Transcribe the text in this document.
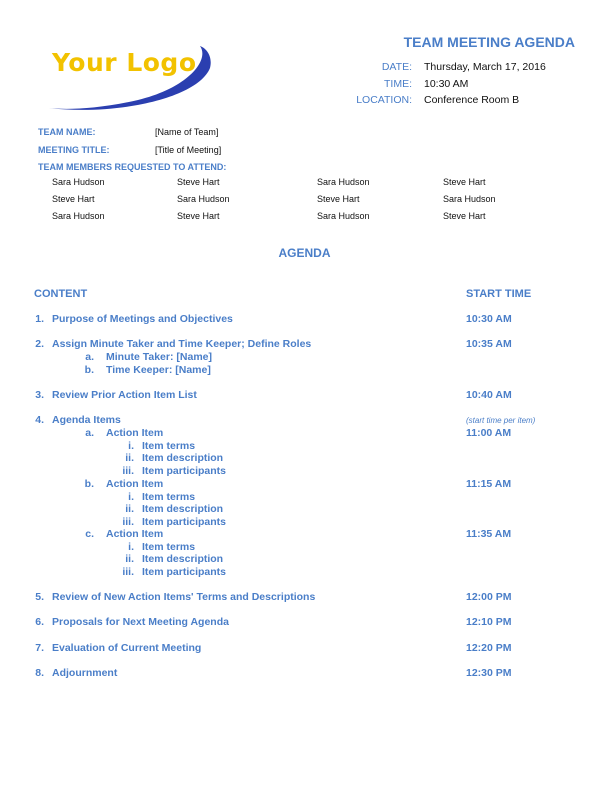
Your Logo
TEAM MEETING AGENDA
DATE: Thursday, March 17, 2016
TIME: 10:30 AM
LOCATION: Conference Room B
TEAM NAME:	[Name of Team]
MEETING TITLE:	[Title of Meeting]
TEAM MEMBERS REQUESTED TO ATTEND:
Sara Hudson	Steve Hart	Sara Hudson	Steve Hart
Steve Hart	Sara Hudson	Steve Hart	Sara Hudson
Sara Hudson	Steve Hart	Sara Hudson	Steve Hart
AGENDA
CONTENT	START TIME
1. Purpose of Meetings and Objectives	10:30 AM
2. Assign Minute Taker and Time Keeper; Define Roles	10:35 AM
a. Minute Taker: [Name]
b. Time Keeper: [Name]
3. Review Prior Action Item List	10:40 AM
4. Agenda Items	(start time per item)
a. Action Item	11:00 AM
i. Item terms
ii. Item description
iii. Item participants
b. Action Item	11:15 AM
i. Item terms
ii. Item description
iii. Item participants
c. Action Item	11:35 AM
i. Item terms
ii. Item description
iii. Item participants
5. Review of New Action Items' Terms and Descriptions	12:00 PM
6. Proposals for Next Meeting Agenda	12:10 PM
7. Evaluation of Current Meeting	12:20 PM
8. Adjournment	12:30 PM
